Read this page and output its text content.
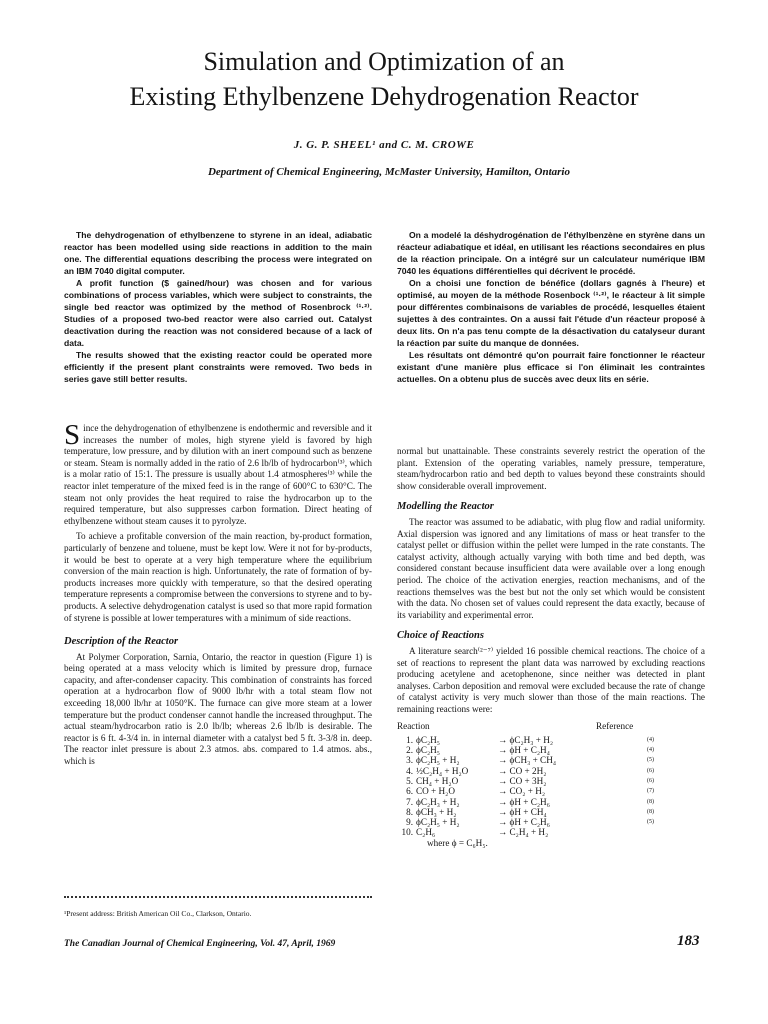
Simulation and Optimization of an
Existing Ethylbenzene Dehydrogenation Reactor
J. G. P. SHEEL¹ and C. M. CROWE
Department of Chemical Engineering, McMaster University, Hamilton, Ontario

The dehydrogenation of ethylbenzene to styrene in an ideal, adiabatic reactor has been modelled using side reactions in addition to the main one. The differential equations describing the process were integrated on an IBM 7040 digital computer.

A profit function ($ gained/hour) was chosen and for various combinations of process variables, which were subject to constraints, the single bed reactor was optimized by the method of Rosenbrock ⁽¹·²⁾. Studies of a proposed two-bed reactor were also carried out. Catalyst deactivation during the reaction was not considered because of a lack of data.

The results showed that the existing reactor could be operated more efficiently if the present plant constraints were removed. Two beds in series gave still better results.

On a modelé la déshydrogénation de l'éthylbenzène en styrène dans un réacteur adiabatique et idéal, en utilisant les réactions secondaires en plus de la réaction principale. On a intégré sur un calculateur numérique IBM 7040 les équations différentielles qui décrivent le procédé.

On a choisi une fonction de bénéfice (dollars gagnés à l'heure) et optimisé, au moyen de la méthode Rosenbock ⁽¹·²⁾, le réacteur à lit simple pour différentes combinaisons de variables de procédé, lesquelles étaient sujettes à des contraintes. On a aussi fait l'étude d'un réacteur proposé à deux lits. On n'a pas tenu compte de la désactivation du catalyseur durant la réaction par suite du manque de données.

Les résultats ont démontré qu'on pourrait faire fonctionner le réacteur existant d'une manière plus efficace si l'on éliminait les contraintes actuelles. On a obtenu plus de succès avec deux lits en série.

Since the dehydrogenation of ethylbenzene is endothermic and reversible and it increases the number of moles, high styrene yield is favored by high temperature, low pressure, and by dilution with an inert compound such as benzene or steam. Steam is normally added in the ratio of 2.6 lb/lb of hydrocarbon⁽³⁾, which is a molar ratio of 15:1. The pressure is usually about 1.4 atmospheres⁽³⁾ while the reactor inlet temperature of the mixed feed is in the range of 600°C to 630°C. The steam not only provides the heat required to raise the hydrocarbon up to the required temperature, but also suppresses carbon formation. Direct heating of ethylbenzene without steam causes it to pyrolyze.

To achieve a profitable conversion of the main reaction, by-product formation, particularly of benzene and toluene, must be kept low. Were it not for by-products, it would be best to operate at a very high temperature where the equilibrium conversion of the main reaction is high. Unfortunately, the rate of formation of by-products increases more quickly with temperature, so that the desired operating temperature represents a compromise between the conversions to styrene and to by-products. A selective dehydrogenation catalyst is used so that more rapid formation of styrene is possible at lower temperatures with a minimum of side reactions.

Description of the Reactor

At Polymer Corporation, Sarnia, Ontario, the reactor in question (Figure 1) is being operated at a mass velocity which is limited by pressure drop, furnace capacity, and after-condenser capacity. This combination of constraints has forced operation at a hydrocarbon flow of 9000 lb/hr with a total steam flow not exceeding 18,000 lb/hr at 1050°K. The furnace can give more steam at a lower temperature but the product condenser cannot handle the increased throughput. The actual steam/hydrocarbon ratio is 2.0 lb/lb; whereas 2.6 lb/lb is desirable. The reactor is 6 ft. 4-3/4 in. in internal diameter with a catalyst bed 5 ft. 3-3/8 in. deep. The reactor inlet pressure is about 2.3 atmos. abs. compared to 1.4 atmos. abs., which is

normal but unattainable. These constraints severely restrict the operation of the plant. Extension of the operating variables, namely pressure, temperature, steam/hydrocarbon ratio and bed depth to values beyond these constraints should show considerable overall improvement.

Modelling the Reactor

The reactor was assumed to be adiabatic, with plug flow and radial uniformity. Axial dispersion was ignored and any limitations of mass or heat transfer to the catalyst pellet or diffusion within the pellet were lumped in the rate constants. The catalyst activity, although actually varying with both time and bed depth, was considered constant because insufficient data were available over a long enough period. The choice of the activation energies, reaction mechanisms, and of the reactions themselves was the best but not the only set which would be consistent with the data. No chosen set of values could represent the data exactly, because of its variability and experimental error.

Choice of Reactions

A literature search⁽²⁻⁷⁾ yielded 16 possible chemical reactions. The choice of a set of reactions to represent the plant data was narrowed by excluding reactions producing acetylene and acetophenone, since neither was detected in plant analyses. Carbon deposition and removal were excluded because the rate of change of catalyst activity is very much slower than those of the main reactions. The remaining reactions were:

Reaction				Reference
1.	ϕC₂H₅		→ ϕC₂H₃ + H₂	(4)
2.	ϕC₂H₅		→ ϕH + C₂H₄	(4)
3.	ϕC₂H₅ + H₂		→ ϕCH₃ + CH₄	(5)
4.	½C₂H₄ + H₂O		→ CO + 2H₂	(6)
5.	CH₄ + H₂O		→ CO + 3H₂	(6)
6.	CO + H₂O		→ CO₂ + H₂	(7)
7.	ϕC₂H₃ + H₂		→ ϕH + C₂H₆	(8)
8.	ϕCH₃ + H₂		→ ϕH + CH₄	(8)
9.	ϕC₂H₅ + H₂		→ ϕH + C₂H₆	(5)
10.	C₂H₆		→ C₂H₄ + H₂	
where ϕ = C₆H₅.
¹Present address: British American Oil Co., Clarkson, Ontario.
The Canadian Journal of Chemical Engineering, Vol. 47, April, 1969	183
